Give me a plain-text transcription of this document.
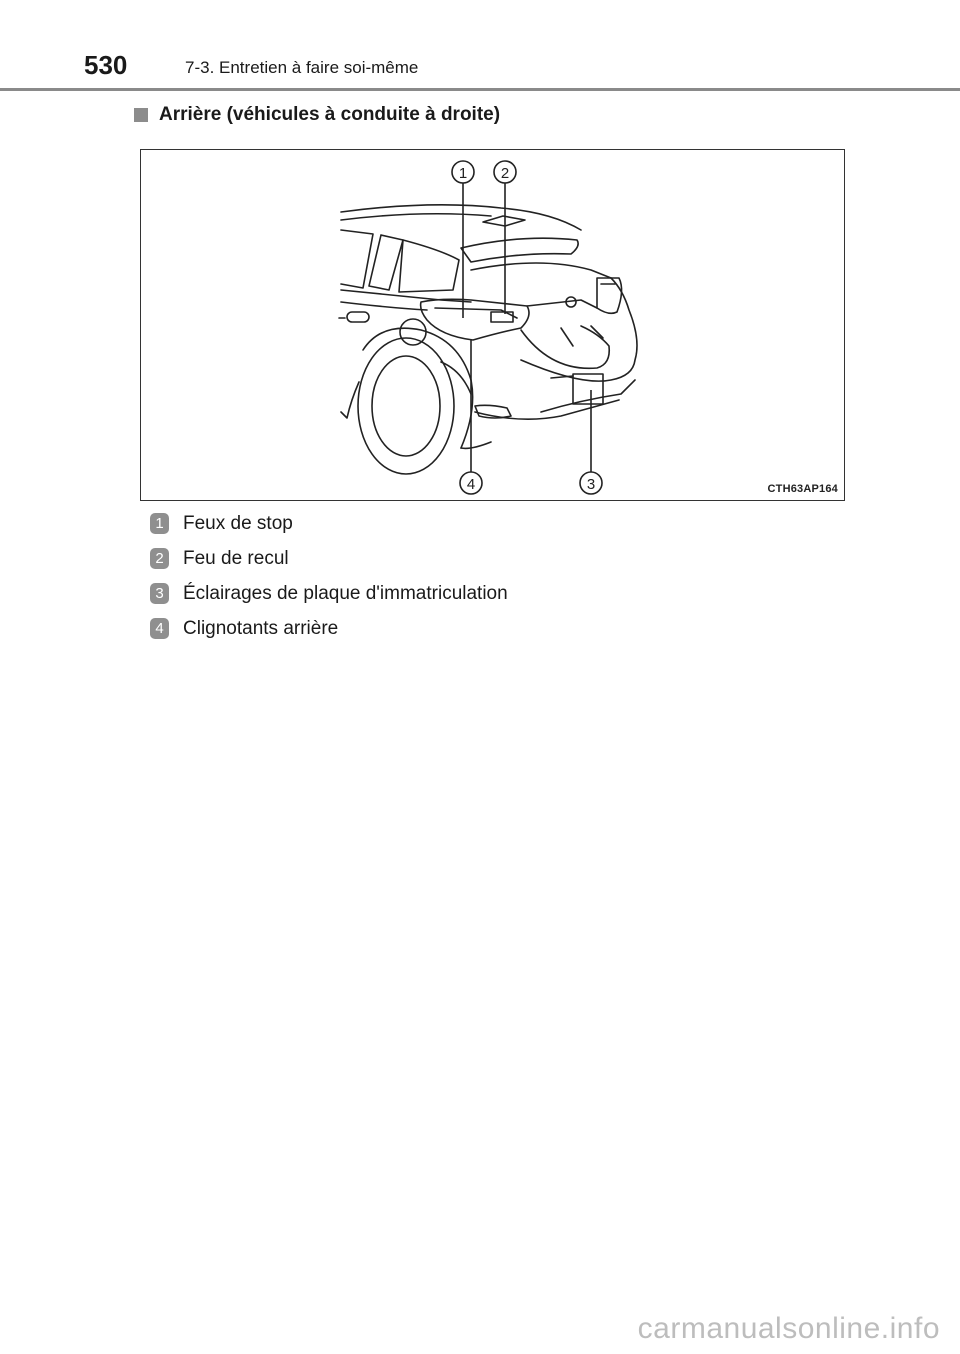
530	7-3. Entretien à faire soi-même
Arrière (véhicules à conduite à droite)
1 2
3
4	CTH63AP164
1 Feux de stop
2 Feu de recul
3 Éclairages de plaque d'immatriculation
4 Clignotants arrière
carmanualsonline.info
